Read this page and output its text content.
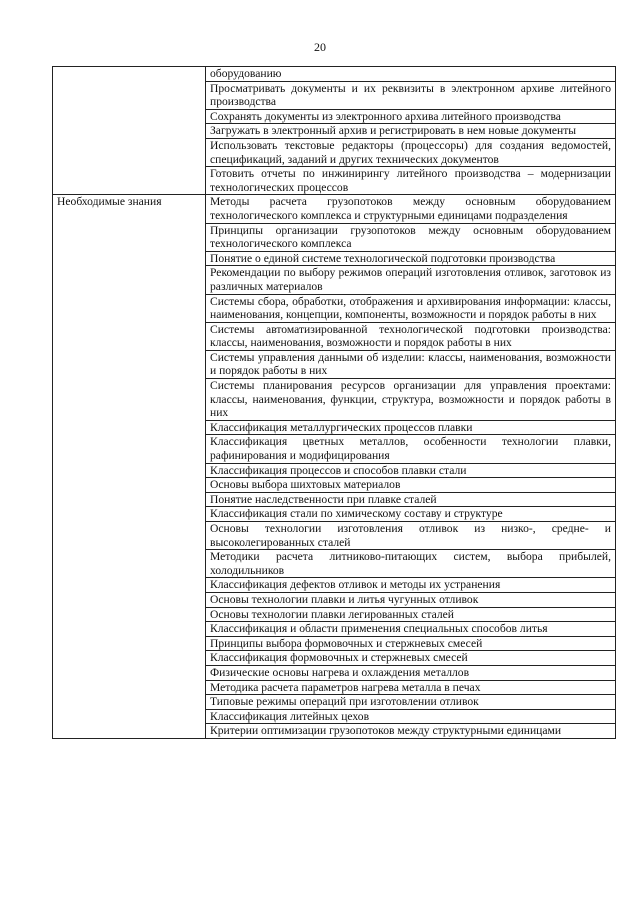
20
	оборудованию
	Просматривать документы и их реквизиты в электронном архиве литейного производства
	Сохранять документы из электронного архива литейного производства
	Загружать в электронный архив и регистрировать в нем новые документы
	Использовать текстовые редакторы (процессоры) для создания ведомостей, спецификаций, заданий и других технических документов
	Готовить отчеты по инжинирингу литейного производства – модернизации технологических процессов
Необходимые знания	Методы расчета грузопотоков между основным оборудованием технологического комплекса и структурными единицами подразделения
	Принципы организации грузопотоков между основным оборудованием технологического комплекса
	Понятие о единой системе технологической подготовки производства
	Рекомендации по выбору режимов операций изготовления отливок, заготовок из различных материалов
	Системы сбора, обработки, отображения и архивирования информации: классы, наименования, концепции, компоненты, возможности и порядок работы в них
	Системы автоматизированной технологической подготовки производства: классы, наименования, возможности и порядок работы в них
	Системы управления данными об изделии: классы, наименования, возможности и порядок работы в них
	Системы планирования ресурсов организации для управления проектами: классы, наименования, функции, структура, возможности и порядок работы в них
	Классификация металлургических процессов плавки
	Классификация цветных металлов, особенности технологии плавки, рафинирования и модифицирования
	Классификация процессов и способов плавки стали
	Основы выбора шихтовых материалов
	Понятие наследственности при плавке сталей
	Классификация стали по химическому составу и структуре
	Основы технологии изготовления отливок из низко-, средне- и высоколегированных сталей
	Методики расчета литниково-питающих систем, выбора прибылей, холодильников
	Классификация дефектов отливок и методы их устранения
	Основы технологии плавки и литья чугунных отливок
	Основы технологии плавки легированных сталей
	Классификация и области применения специальных способов литья
	Принципы выбора формовочных и стержневых смесей
	Классификация формовочных и стержневых смесей
	Физические основы нагрева и охлаждения металлов
	Методика расчета параметров нагрева металла в печах
	Типовые режимы операций при изготовлении отливок
	Классификация литейных цехов
	Критерии оптимизации грузопотоков между структурными единицами
